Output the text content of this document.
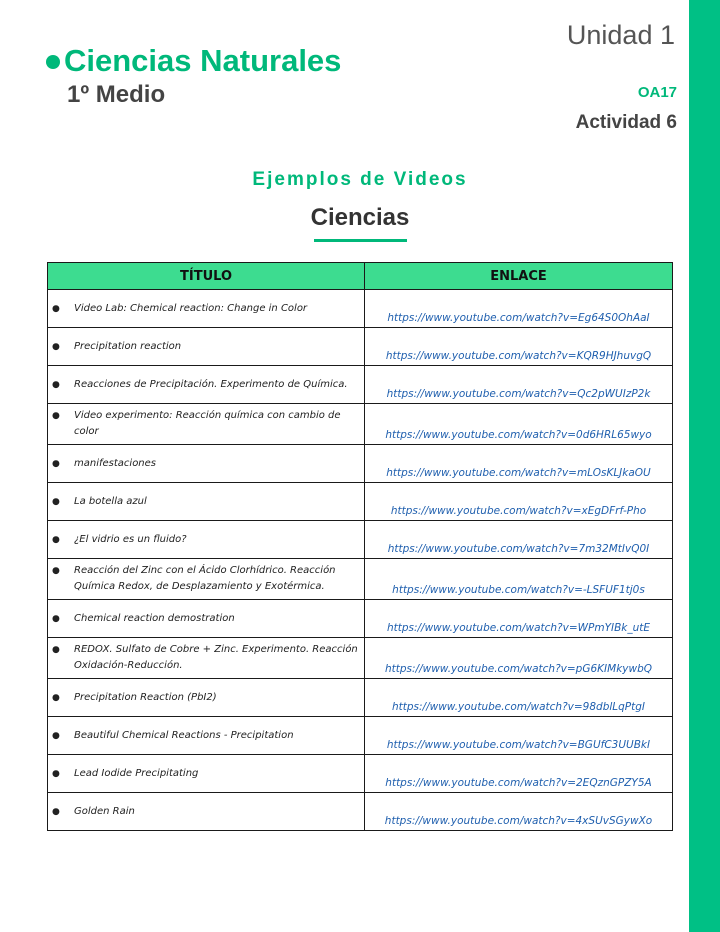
Unidad 1
Ciencias Naturales
1º Medio	OA17
Actividad 6
Ejemplos de Videos
Ciencias
TÍTULO	ENLACE

● Video Lab: Chemical reaction: Change in Color	https://www.youtube.com/watch?v=Eg64S0OhAaI

● Precipitation reaction	https://www.youtube.com/watch?v=KQR9HJhuvgQ

● Reacciones de Precipitación. Experimento de Química.	https://www.youtube.com/watch?v=Qc2pWUIzP2k

● Video experimento: Reacción química con cambio de color	https://www.youtube.com/watch?v=0d6HRL65wyo

● manifestaciones	https://www.youtube.com/watch?v=mLOsKLJkaOU

● La botella azul	https://www.youtube.com/watch?v=xEgDFrf-Pho

● ¿El vidrio es un fluido?	https://www.youtube.com/watch?v=7m32MtIvQ0I

● Reacción del Zinc con el Ácido Clorhídrico. Reacción Química Redox, de Desplazamiento y Exotérmica.	https://www.youtube.com/watch?v=-LSFUF1tj0s

● Chemical reaction demostration	https://www.youtube.com/watch?v=WPmYIBk_utE

● REDOX. Sulfato de Cobre + Zinc. Experimento. Reacción Oxidación-Reducción.	https://www.youtube.com/watch?v=pG6KIMkywbQ

● Precipitation Reaction (PbI2)	https://www.youtube.com/watch?v=98dblLqPtgI

● Beautiful Chemical Reactions - Precipitation	https://www.youtube.com/watch?v=BGUfC3UUBkI

● Lead Iodide Precipitating	https://www.youtube.com/watch?v=2EQznGPZY5A

● Golden Rain	https://www.youtube.com/watch?v=4xSUvSGywXo
